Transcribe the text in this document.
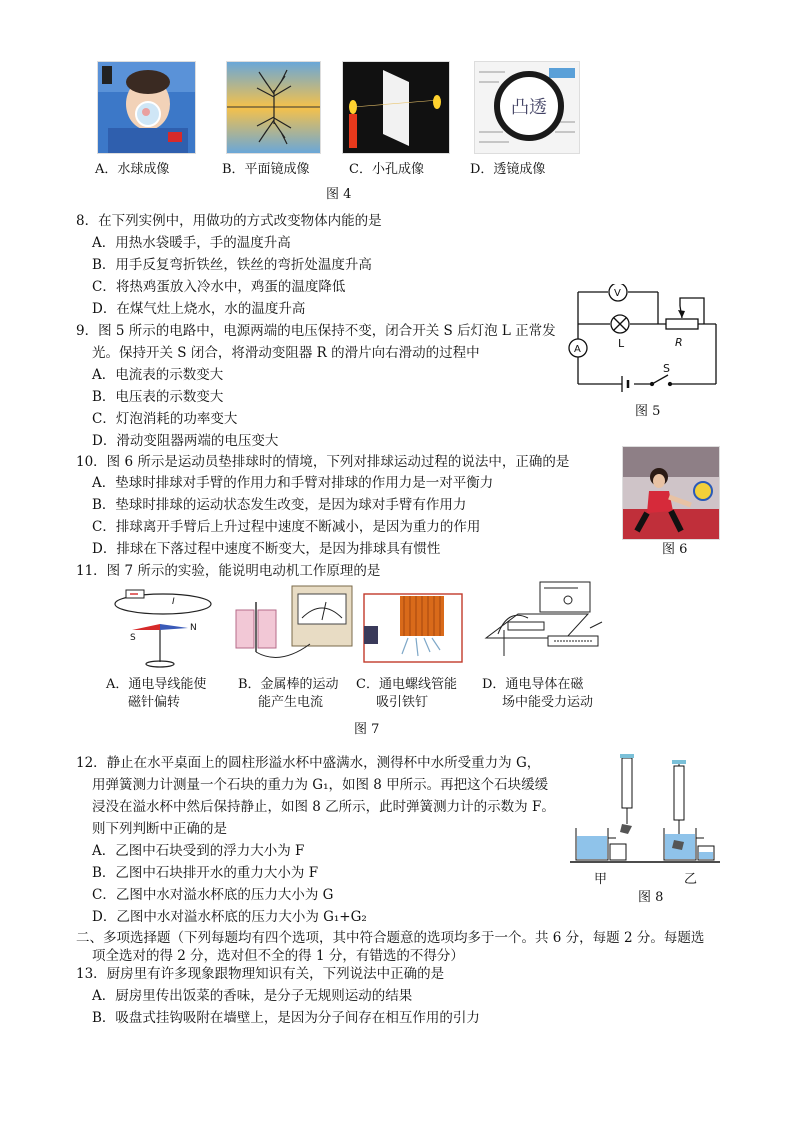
凸透
A．水球成像	B．平面镜成像	C．小孔成像	D．透镜成像
图 4
8．在下列实例中，用做功的方式改变物体内能的是
A．用热水袋暖手，手的温度升高
B．用手反复弯折铁丝，铁丝的弯折处温度升高
C．将热鸡蛋放入冷水中，鸡蛋的温度降低
D．在煤气灶上烧水，水的温度升高
V
A	L	R
S
图 5
9．图 5 所示的电路中，电源两端的电压保持不变，闭合开关 S 后灯泡 L 正常发
光。保持开关 S 闭合，将滑动变阻器 R 的滑片向右滑动的过程中
A．电流表的示数变大
B．电压表的示数变大
C．灯泡消耗的功率变大
D．滑动变阻器两端的电压变大
10．图 6 所示是运动员垫排球时的情境，下列对排球运动过程的说法中，正确的是
A．垫球时排球对手臂的作用力和手臂对排球的作用力是一对平衡力
B．垫球时排球的运动状态发生改变，是因为球对手臂有作用力
C．排球离开手臂后上升过程中速度不断减小，是因为重力的作用
D．排球在下落过程中速度不断变大，是因为排球具有惯性	图 6
11．图 7 所示的实验，能说明电动机工作原理的是
S
N
I
A．通电导线能使
磁针偏转
B．金属棒的运动
能产生电流
C．通电螺线管能
吸引铁钉
D．通电导体在磁
场中能受力运动
图 7
12．静止在水平桌面上的圆柱形溢水杯中盛满水，测得杯中水所受重力为 G，
用弹簧测力计测量一个石块的重力为 G₁，如图 8 甲所示。再把这个石块缓缓
浸没在溢水杯中然后保持静止，如图 8 乙所示，此时弹簧测力计的示数为 F。
则下列判断中正确的是
A．乙图中石块受到的浮力大小为 F
B．乙图中石块排开水的重力大小为 F
C．乙图中水对溢水杯底的压力大小为 G
D．乙图中水对溢水杯底的压力大小为 G₁+G₂
甲	乙
图 8
二、多项选择题（下列每题均有四个选项，其中符合题意的选项均多于一个。共 6 分，每题 2 分。每题选
项全选对的得 2 分，选对但不全的得 1 分，有错选的不得分）
13．厨房里有许多现象跟物理知识有关，下列说法中正确的是
A．厨房里传出饭菜的香味，是分子无规则运动的结果
B．吸盘式挂钩吸附在墙壁上，是因为分子间存在相互作用的引力
